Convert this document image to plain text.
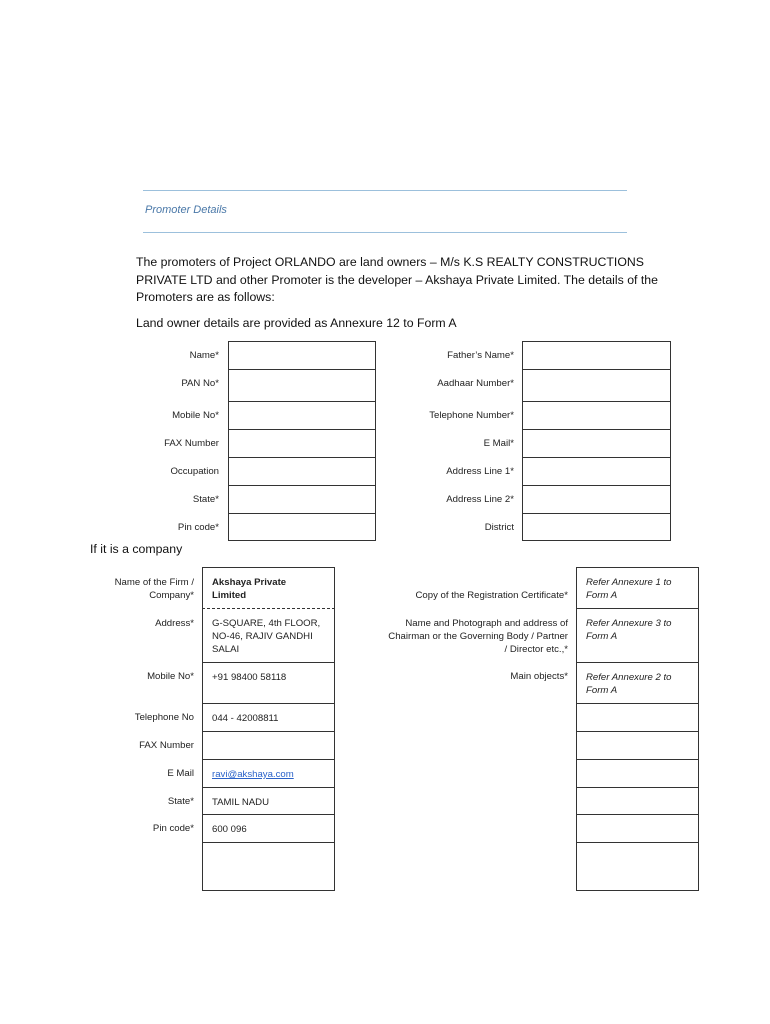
Promoter Details
The promoters of Project ORLANDO are land owners – M/s K.S REALTY CONSTRUCTIONS
PRIVATE LTD and other Promoter is the developer – Akshaya Private Limited. The details of the
Promoters are as follows:
Land owner details are provided as Annexure 12 to Form A
Name*
PAN No*
Mobile No*
FAX Number
Occupation
State*
Pin code*
Father’s Name*
Aadhaar Number*
Telephone Number*
E Mail*
Address Line 1*
Address Line 2*
District
If it is a company
Name of the Firm /
Company*
Address*
Mobile No*
Telephone No
FAX Number
E Mail
State*
Pin code*
Akshaya Private
Limited
G-SQUARE, 4th FLOOR,
NO-46, RAJIV GANDHI
SALAI
+91 98400 58118
044 - 42008811
ravi@akshaya.com
TAMIL NADU
600 096
Copy of the Registration Certificate*
Name and Photograph and address of
Chairman or the Governing Body / Partner
/ Director etc.,*
Main objects*
Refer Annexure 1 to
Form A
Refer Annexure 3 to
Form A
Refer Annexure 2 to
Form A
